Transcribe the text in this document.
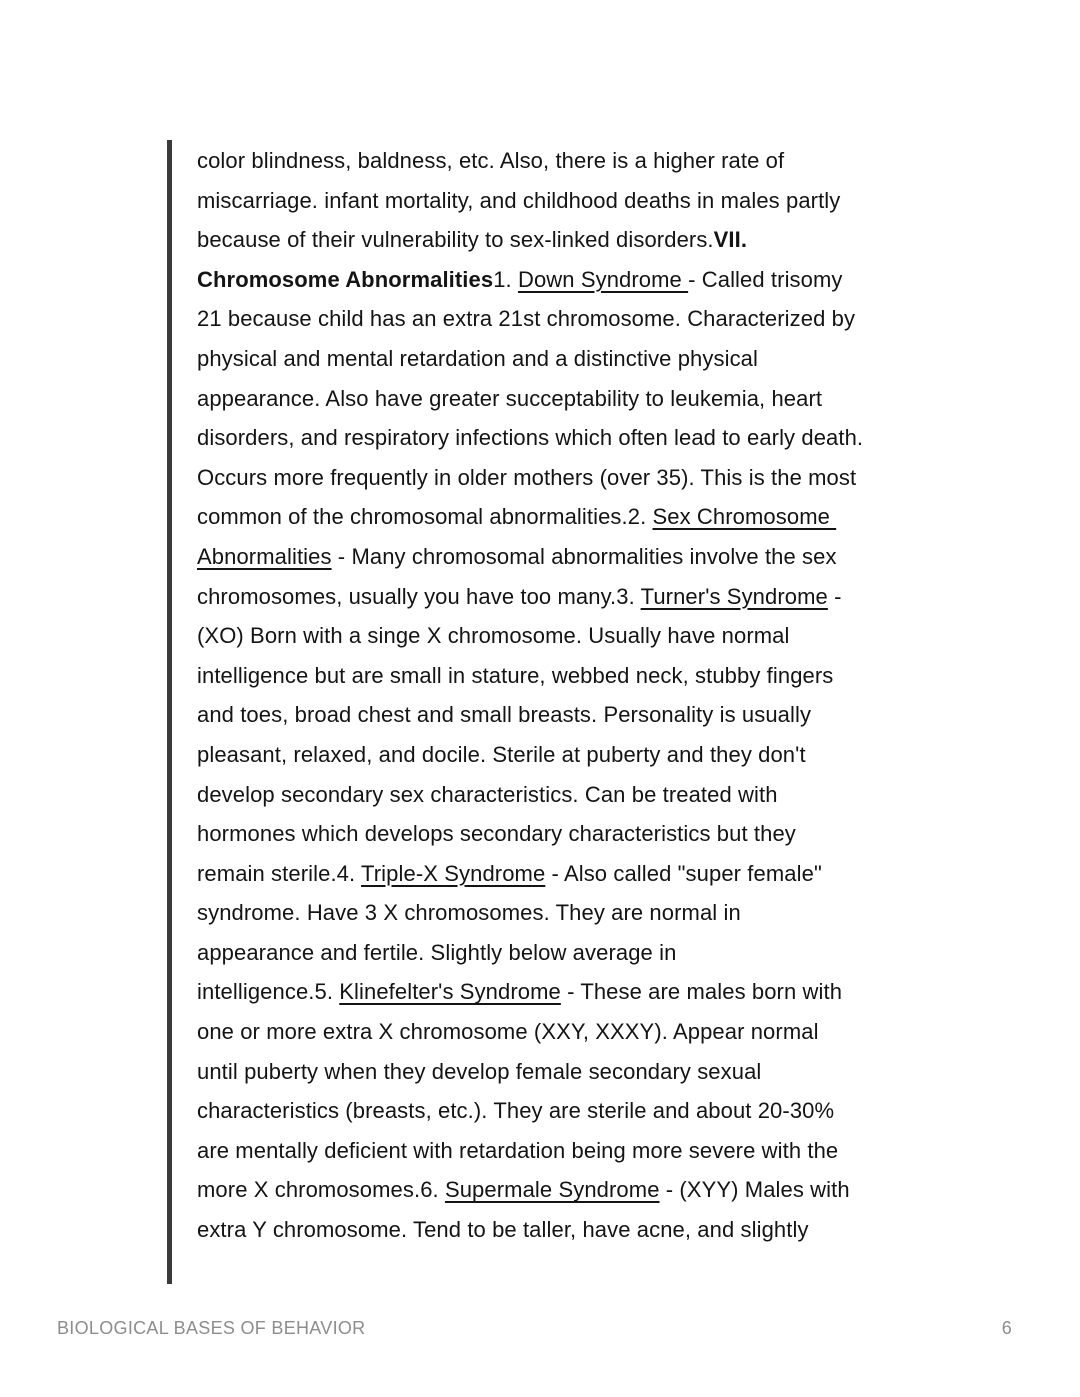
color blindness, baldness, etc. Also, there is a higher rate of
miscarriage. infant mortality, and childhood deaths in males partly
because of their vulnerability to sex-linked disorders.VII.
Chromosome Abnormalities1. Down Syndrome - Called trisomy
21 because child has an extra 21st chromosome. Characterized by
physical and mental retardation and a distinctive physical
appearance. Also have greater succeptability to leukemia, heart
disorders, and respiratory infections which often lead to early death.
Occurs more frequently in older mothers (over 35). This is the most
common of the chromosomal abnormalities.2. Sex Chromosome
Abnormalities - Many chromosomal abnormalities involve the sex
chromosomes, usually you have too many.3. Turner's Syndrome -
(XO) Born with a singe X chromosome. Usually have normal
intelligence but are small in stature, webbed neck, stubby fingers
and toes, broad chest and small breasts. Personality is usually
pleasant, relaxed, and docile. Sterile at puberty and they don't
develop secondary sex characteristics. Can be treated with
hormones which develops secondary characteristics but they
remain sterile.4. Triple-X Syndrome - Also called "super female"
syndrome. Have 3 X chromosomes. They are normal in
appearance and fertile. Slightly below average in
intelligence.5. Klinefelter's Syndrome - These are males born with
one or more extra X chromosome (XXY, XXXY). Appear normal
until puberty when they develop female secondary sexual
characteristics (breasts, etc.). They are sterile and about 20-30%
are mentally deficient with retardation being more severe with the
more X chromosomes.6. Supermale Syndrome - (XYY) Males with
extra Y chromosome. Tend to be taller, have acne, and slightly
BIOLOGICAL BASES OF BEHAVIOR	6
